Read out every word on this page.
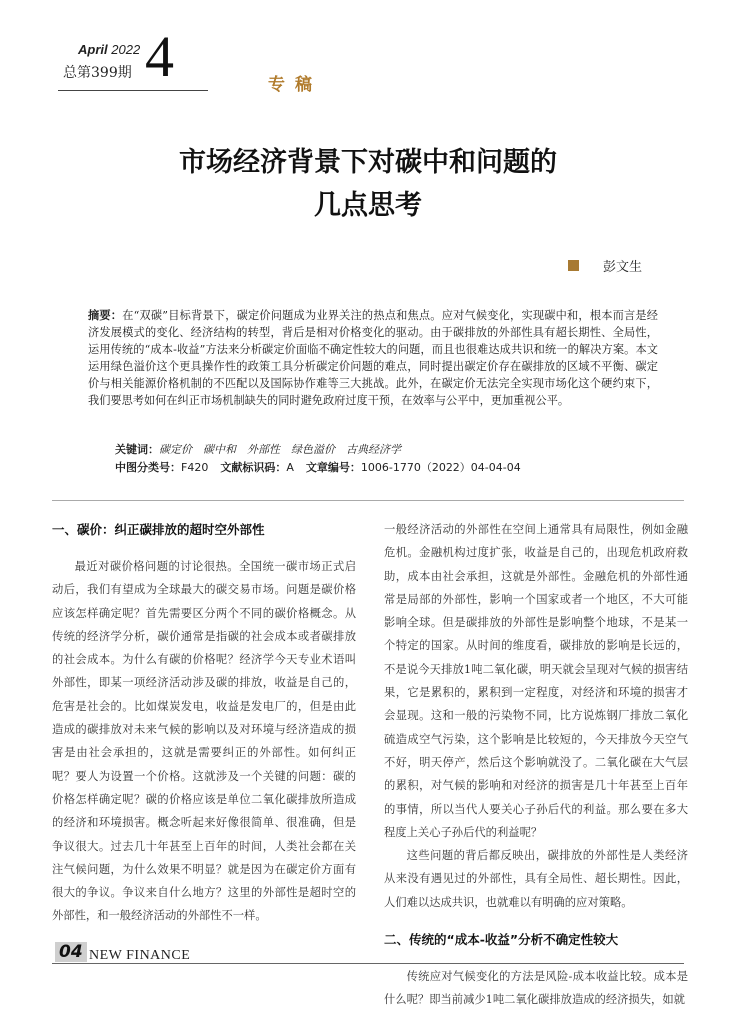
April 2022
总第399期 4	专稿
市场经济背景下对碳中和问题的
几点思考
彭文生

摘要：在“双碳”目标背景下，碳定价问题成为业界关注的热点和焦点。应对气候变化，实现碳中和，根本而言是经济发展模式的变化、经济结构的转型，背后是相对价格变化的驱动。由于碳排放的外部性具有超长期性、全局性，运用传统的“成本-收益”方法来分析碳定价面临不确定性较大的问题，而且也很难达成共识和统一的解决方案。本文运用绿色溢价这个更具操作性的政策工具分析碳定价问题的难点，同时提出碳定价存在碳排放的区域不平衡、碳定价与相关能源价格机制的不匹配以及国际协作难等三大挑战。此外，在碳定价无法完全实现市场化这个硬约束下，我们要思考如何在纠正市场机制缺失的同时避免政府过度干预，在效率与公平中，更加重视公平。

关键词：碳定价　碳中和　外部性　绿色溢价　古典经济学
中图分类号：F420 文献标识码：A 文章编号：1006-1770（2022）04-04-04
一、碳价：纠正碳排放的超时空外部性

最近对碳价格问题的讨论很热。全国统一碳市场正式启动后，我们有望成为全球最大的碳交易市场。问题是碳价格应该怎样确定呢？首先需要区分两个不同的碳价格概念。从传统的经济学分析，碳价通常是指碳的社会成本或者碳排放的社会成本。为什么有碳的价格呢？经济学今天专业术语叫外部性，即某一项经济活动涉及碳的排放，收益是自己的，危害是社会的。比如煤炭发电，收益是发电厂的，但是由此造成的碳排放对未来气候的影响以及对环境与经济造成的损害是由社会承担的，这就是需要纠正的外部性。如何纠正呢？要人为设置一个价格。这就涉及一个关键的问题：碳的价格怎样确定呢？碳的价格应该是单位二氧化碳排放所造成的经济和环境损害。概念听起来好像很简单、很准确，但是争议很大。过去几十年甚至上百年的时间，人类社会都在关注气候问题，为什么效果不明显？就是因为在碳定价方面有很大的争议。争议来自什么地方？这里的外部性是超时空的外部性，和一般经济活动的外部性不一样。

一般经济活动的外部性在空间上通常具有局限性，例如金融危机。金融机构过度扩张，收益是自己的，出现危机政府救助，成本由社会承担，这就是外部性。金融危机的外部性通常是局部的外部性，影响一个国家或者一个地区，不大可能影响全球。但是碳排放的外部性是影响整个地球，不是某一个特定的国家。从时间的维度看，碳排放的影响是长远的，不是说今天排放1吨二氧化碳，明天就会呈现对气候的损害结果，它是累积的，累积到一定程度，对经济和环境的损害才会显现。这和一般的污染物不同，比方说炼钢厂排放二氧化硫造成空气污染，这个影响是比较短的，今天排放今天空气不好，明天停产，然后这个影响就没了。二氧化碳在大气层的累积，对气候的影响和对经济的损害是几十年甚至上百年的事情，所以当代人要关心子孙后代的利益。那么要在多大程度上关心子孙后代的利益呢？

这些问题的背后都反映出，碳排放的外部性是人类经济从来没有遇见过的外部性，具有全局性、超长期性。因此，人们难以达成共识，也就难以有明确的应对策略。

二、传统的“成本-收益”分析不确定性较大

传统应对气候变化的方法是风险-成本收益比较。成本是什么呢？即当前减少1吨二氧化碳排放造成的经济损失，如就

04 NEW FINANCE
